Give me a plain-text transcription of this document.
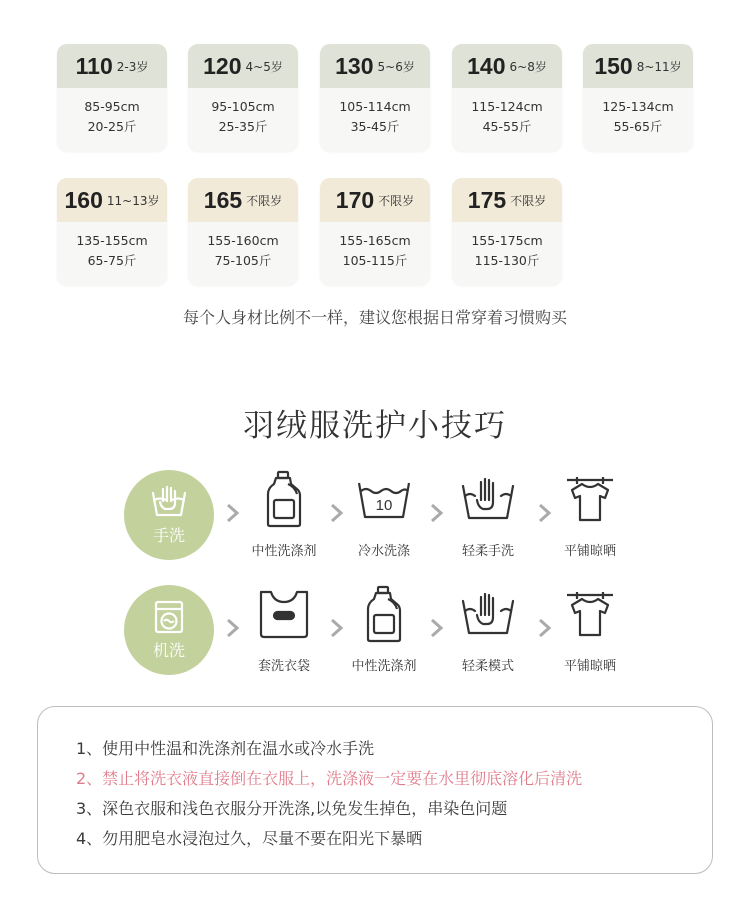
110 2-3岁
85-95cm
20-25斤
120 4~5岁
95-105cm
25-35斤
130 5~6岁
105-114cm
35-45斤
140 6~8岁
115-124cm
45-55斤
150 8~11岁
125-134cm
55-65斤
160 11~13岁
135-155cm
65-75斤
165 不限岁
155-160cm
75-105斤
170 不限岁
155-165cm
105-115斤
175 不限岁
155-175cm
115-130斤
每个人身材比例不一样，建议您根据日常穿着习惯购买
羽绒服洗护小技巧
手洗
中性洗涤剂
10
冷水洗涤	轻柔手洗	平铺晾晒
机洗
套洗衣袋	中性洗涤剂	轻柔模式	平铺晾晒
1、使用中性温和洗涤剂在温水或冷水手洗
2、禁止将洗衣液直接倒在衣服上，洗涤液一定要在水里彻底溶化后清洗
3、深色衣服和浅色衣服分开洗涤,以免发生掉色，串染色问题
4、勿用肥皂水浸泡过久，尽量不要在阳光下暴晒
